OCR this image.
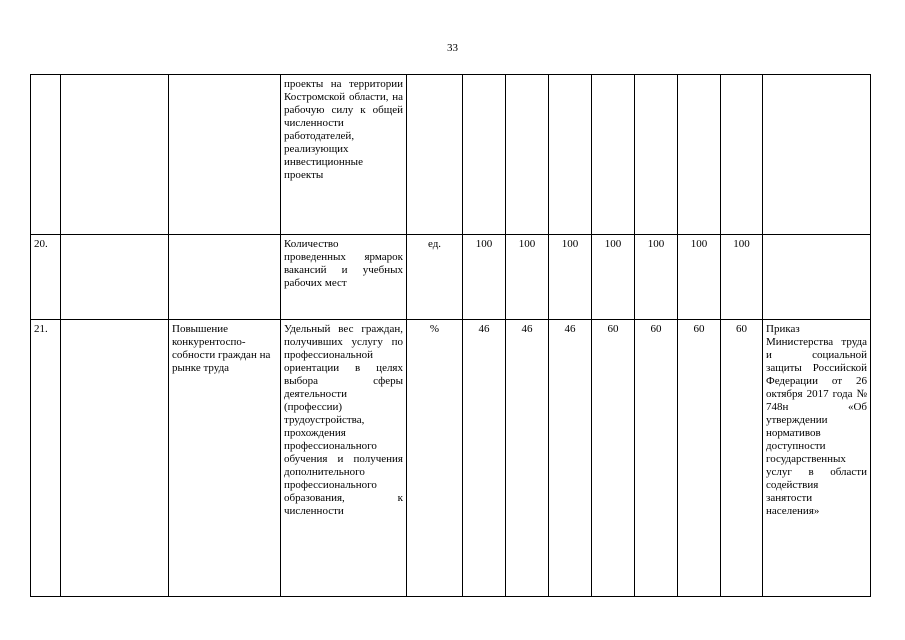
33
			проекты на территории Костромской области, на рабочую силу к общей численности работодателей, реализующих инвестиционные проекты									
20.			Количество проведенных ярмарок вакансий и учебных рабочих мест	ед.	100	100	100	100	100	100	100	
21.		Повышение конкурентоспо-собности граждан на рынке труда	Удельный вес граждан, получивших услугу по профессиональной ориентации в целях выбора сферы деятельности (профессии) трудоустройства, прохождения профессионального обучения и получения дополнительного профессионального образования, к численности	%	46	46	46	60	60	60	60	Приказ Министерства труда и социальной защиты Российской Федерации от 26 октября 2017 года № 748н «Об утверждении нормативов доступности государственных услуг в области содействия занятости населения»
